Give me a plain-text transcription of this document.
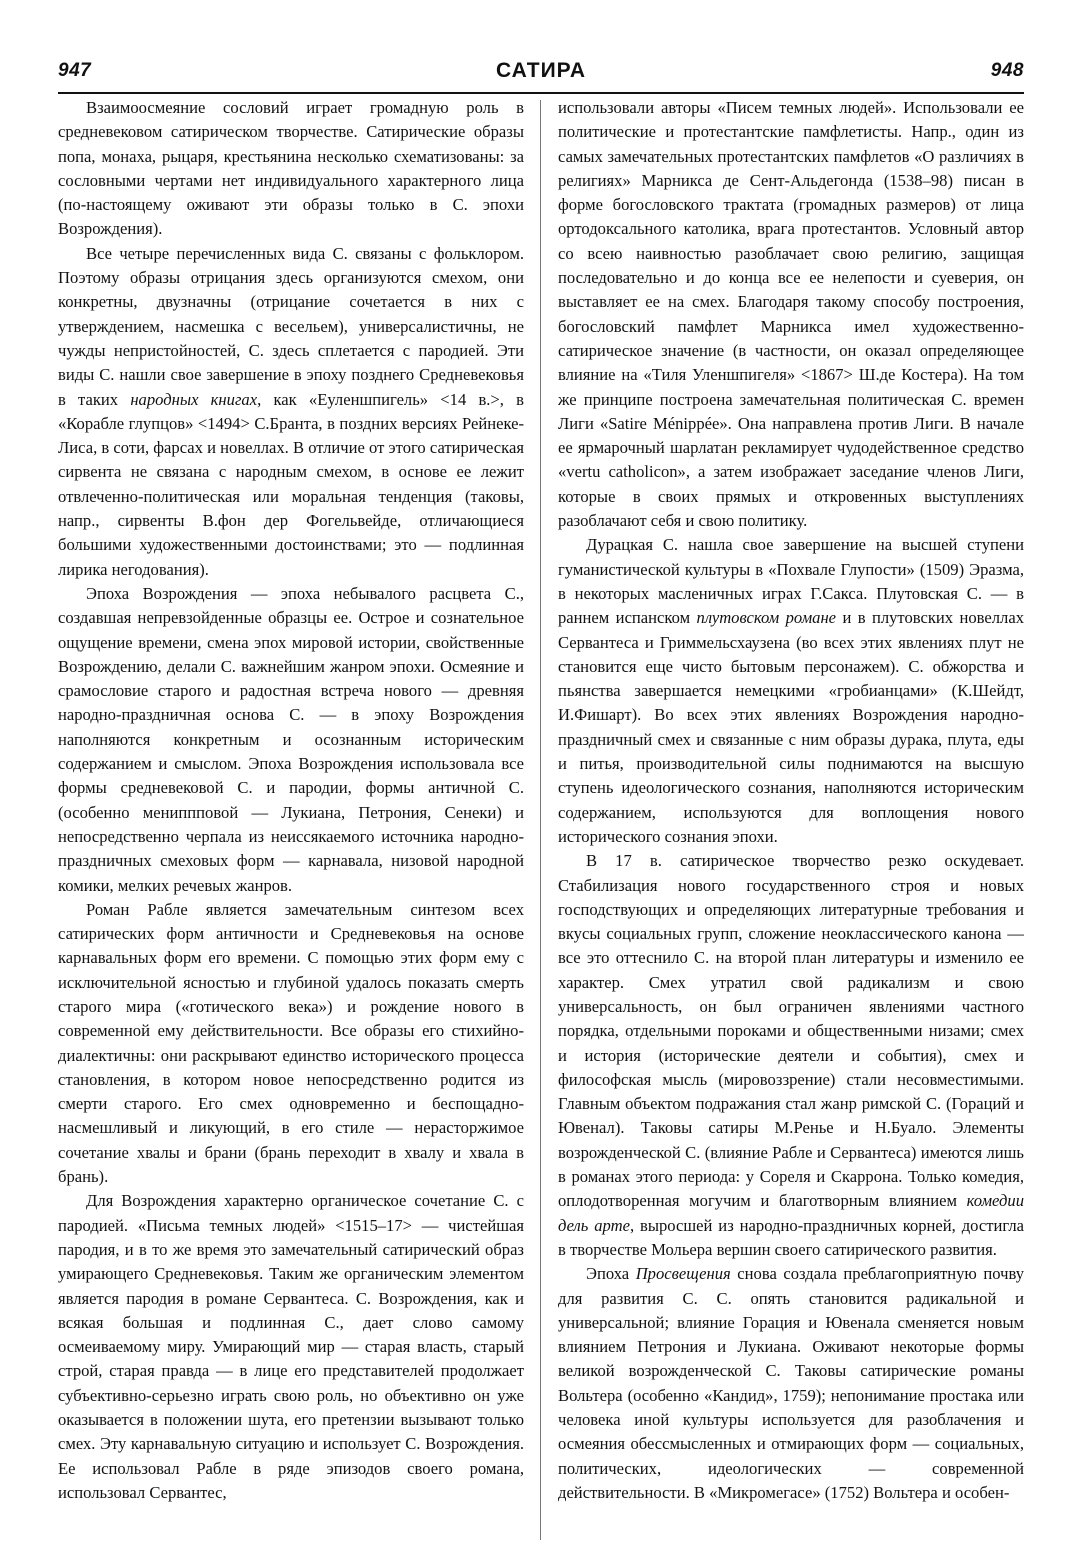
947	САТИРА	948

Взаимоосмеяние сословий играет громадную роль в средневековом сатирическом творчестве. Сатирические образы попа, монаха, рыцаря, крестьянина несколько схематизованы: за сословными чертами нет индивидуального характерного лица (по-настоящему оживают эти образы только в С. эпохи Возрождения).

Все четыре перечисленных вида С. связаны с фольклором. Поэтому образы отрицания здесь организуются смехом, они конкретны, двузначны (отрицание сочетается в них с утверждением, насмешка с весельем), универсалистичны, не чужды непристойностей, С. здесь сплетается с пародией. Эти виды С. нашли свое завершение в эпоху позднего Средневековья в таких народных книгах, как «Еуленшпигель» <14 в.>, в «Корабле глупцов» <1494> С.Бранта, в поздних версиях Рейнеке-Лиса, в соти, фарсах и новеллах. В отличие от этого сатирическая сирвента не связана с народным смехом, в основе ее лежит отвлеченно-политическая или моральная тенденция (таковы, напр., сирвенты В.фон дер Фогельвейде, отличающиеся большими художественными достоинствами; это — подлинная лирика негодования).

Эпоха Возрождения — эпоха небывалого расцвета С., создавшая непревзойденные образцы ее. Острое и сознательное ощущение времени, смена эпох мировой истории, свойственные Возрождению, делали С. важнейшим жанром эпохи. Осмеяние и срамословие старого и радостная встреча нового — древняя народно-праздничная основа С. — в эпоху Возрождения наполняются конкретным и осознанным историческим содержанием и смыслом. Эпоха Возрождения использовала все формы средневековой С. и пародии, формы античной С. (особенно мениппповой — Лукиана, Петрония, Сенеки) и непосредственно черпала из неиссякаемого источника народно-праздничных смеховых форм — карнавала, низовой народной комики, мелких речевых жанров.

Роман Рабле является замечательным синтезом всех сатирических форм античности и Средневековья на основе карнавальных форм его времени. С помощью этих форм ему с исключительной ясностью и глубиной удалось показать смерть старого мира («готического века») и рождение нового в современной ему действительности. Все образы его стихийно-диалектичны: они раскрывают единство исторического процесса становления, в котором новое непосредственно родится из смерти старого. Его смех одновременно и беспощадно-насмешливый и ликующий, в его стиле — нерасторжимое сочетание хвалы и брани (брань переходит в хвалу и хвала в брань).

Для Возрождения характерно органическое сочетание С. с пародией. «Письма темных людей» <1515–17> — чистейшая пародия, и в то же время это замечательный сатирический образ умирающего Средневековья. Таким же органическим элементом является пародия в романе Сервантеса. С. Возрождения, как и всякая большая и подлинная С., дает слово самому осмеиваемому миру. Умирающий мир — старая власть, старый строй, старая правда — в лице его представителей продолжает субъективно-серьезно играть свою роль, но объективно он уже оказывается в положении шута, его претензии вызывают только смех. Эту карнавальную ситуацию и использует С. Возрождения. Ее использовал Рабле в ряде эпизодов своего романа, использовал Сервантес,

использовали авторы «Писем темных людей». Использовали ее политические и протестантские памфлетисты. Напр., один из самых замечательных протестантских памфлетов «О различиях в религиях» Марникса де Сент-Альдегонда (1538–98) писан в форме богословского трактата (громадных размеров) от лица ортодоксального католика, врага протестантов. Условный автор со всею наивностью разоблачает свою религию, защищая последовательно и до конца все ее нелепости и суеверия, он выставляет ее на смех. Благодаря такому способу построения, богословский памфлет Марникса имел художественно-сатирическое значение (в частности, он оказал определяющее влияние на «Тиля Уленшпигеля» <1867> Ш.де Костера). На том же принципе построена замечательная политическая С. времен Лиги «Satire Ménippée». Она направлена против Лиги. В начале ее ярмарочный шарлатан рекламирует чудодейственное средство «vertu catholicon», а затем изображает заседание членов Лиги, которые в своих прямых и откровенных выступлениях разоблачают себя и свою политику.

Дурацкая С. нашла свое завершение на высшей ступени гуманистической культуры в «Похвале Глупости» (1509) Эразма, в некоторых масленичных играх Г.Сакса. Плутовская С. — в раннем испанском плутовском романе и в плутовских новеллах Сервантеса и Гриммельсхаузена (во всех этих явлениях плут не становится еще чисто бытовым персонажем). С. обжорства и пьянства завершается немецкими «гробианцами» (К.Шейдт, И.Фишарт). Во всех этих явлениях Возрождения народно-праздничный смех и связанные с ним образы дурака, плута, еды и питья, производительной силы поднимаются на высшую ступень идеологического сознания, наполняются историческим содержанием, используются для воплощения нового исторического сознания эпохи.

В 17 в. сатирическое творчество резко оскудевает. Стабилизация нового государственного строя и новых господствующих и определяющих литературные требования и вкусы социальных групп, сложение неоклассического канона — все это оттеснило С. на второй план литературы и изменило ее характер. Смех утратил свой радикализм и свою универсальность, он был ограничен явлениями частного порядка, отдельными пороками и общественными низами; смех и история (исторические деятели и события), смех и философская мысль (мировоззрение) стали несовместимыми. Главным объектом подражания стал жанр римской С. (Гораций и Ювенал). Таковы сатиры М.Ренье и Н.Буало. Элементы возрожденческой С. (влияние Рабле и Сервантеса) имеются лишь в романах этого периода: у Сореля и Скаррона. Только комедия, оплодотворенная могучим и благотворным влиянием комедии дель арте, выросшей из народно-праздничных корней, достигла в творчестве Мольера вершин своего сатирического развития.

Эпоха Просвещения снова создала преблагоприятную почву для развития С. С. опять становится радикальной и универсальной; влияние Горация и Ювенала сменяется новым влиянием Петрония и Лукиана. Оживают некоторые формы великой возрожденческой С. Таковы сатирические романы Вольтера (особенно «Кандид», 1759); непонимание простака или человека иной культуры используется для разоблачения и осмеяния обессмысленных и отмирающих форм — социальных, политических, идеологических — современной действительности. В «Микромегасе» (1752) Вольтера и особен-
